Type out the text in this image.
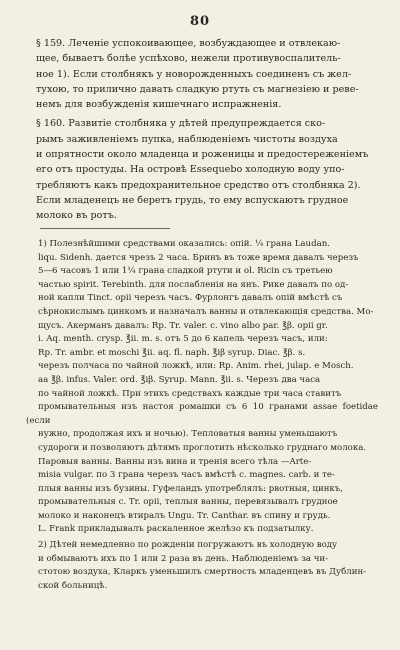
80

§ 159. Леченіе успокоивающее, возбуждающее и отвлекаю-
щее, бываетъ болѣе успѣхово, нежели противувоспалитель-
ное 1). Если столбнякъ у новорожденныхъ соединенъ съ жел-
тухою, то прилично давать сладкую ртуть съ магнезіею и реве-
немъ для возбужденія кишечнаго испражненія.

§ 160. Развитіе столбняка у дѣтей предупреждается ско-
рымъ заживленіемъ пупка, наблюденіемъ чистоты воздуха
и опрятности около младенца и роженицы и предостереженіемъ
его отъ простуды. На островѣ Essequebo холодную воду упо-
требляютъ какъ предохранительное средство отъ столбняка 2).
Если младенецъ не беретъ грудь, то ему вспускаютъ грудное
молоко въ ротъ.

1) Полезнѣйшими средствами оказались: опій. ¼ грана Laudan.
liqu. Sidenh. дается чрезъ 2 часа. Бринъ въ тоже время давалъ черезъ
5—6 часовъ 1 или 1¼ грана сладкой ртути и ol. Ricin съ третьею
частью spirit. Terebinth. для послабленія на янъ. Рике давалъ по од-
ной капли Tinct. opii черезъ часъ. Фурлонгъ давалъ опій вмѣстѣ съ
сѣрнокислымъ цинкомъ и назначалъ ванны и отвлекающія средства. Мо-
щусъ. Акерманъ давалъ: Rp. Tr. valer. c. vino albo par. ℥β. opii gr.
i. Aq. menth. crysp. ℥ii. m. s. отъ 5 до 6 капель черезъ часъ, или:
Rp. Tr. ambr. et moschi ℥ii. aq. fl. naph. ℥iβ syrup. Diac. ℥β. s.
черезъ полчаса по чайной ложкѣ, или: Rp. Anim. rhei, julap. e Mosch.
aa ℥β. infus. Valer. ord. ℥iβ. Syrup. Mann. ℥ii. s. Черезъ два часа
по чайной ложкѣ. При этихъ средствахъ каждые три часа ставитъ
промывательныя изъ настоя ромашки съ 6 10 гранами assae foetidae (если
нужно, продолжая ихъ и ночью). Тепловатыя ванны уменьшаютъ
судороги и позволяютъ дѣтямъ проглотить нѣсколько груднаго молока.
Паровыя ванны. Ванны изъ вина и тренія всего тѣла —Arte-
misia vulgar. по 3 грана черезъ часъ вмѣстѣ с. magnes. carb. и те-
плыя ванны изъ бузины. Гуфеландъ употреблялъ: рвотныя, цинкъ,
промывательныя с. Tr. opii, теплыя ванны, перевязывалъ грудное
молоко и наконецъ втиралъ Ungu. Tr. Canthar. въ спину и грудь.
L. Frank прикладывалъ раскаленное желѣзо къ подзатылку.

2) Дѣтей немедленно по рожденіи погружаютъ въ холодную воду
и обмываютъ ихъ по 1 или 2 раза въ день. Наблюденіемъ за чи-
стотою воздуха, Кларкъ уменьшилъ смертность младенцевъ въ Дублин-
ской больницѣ.
